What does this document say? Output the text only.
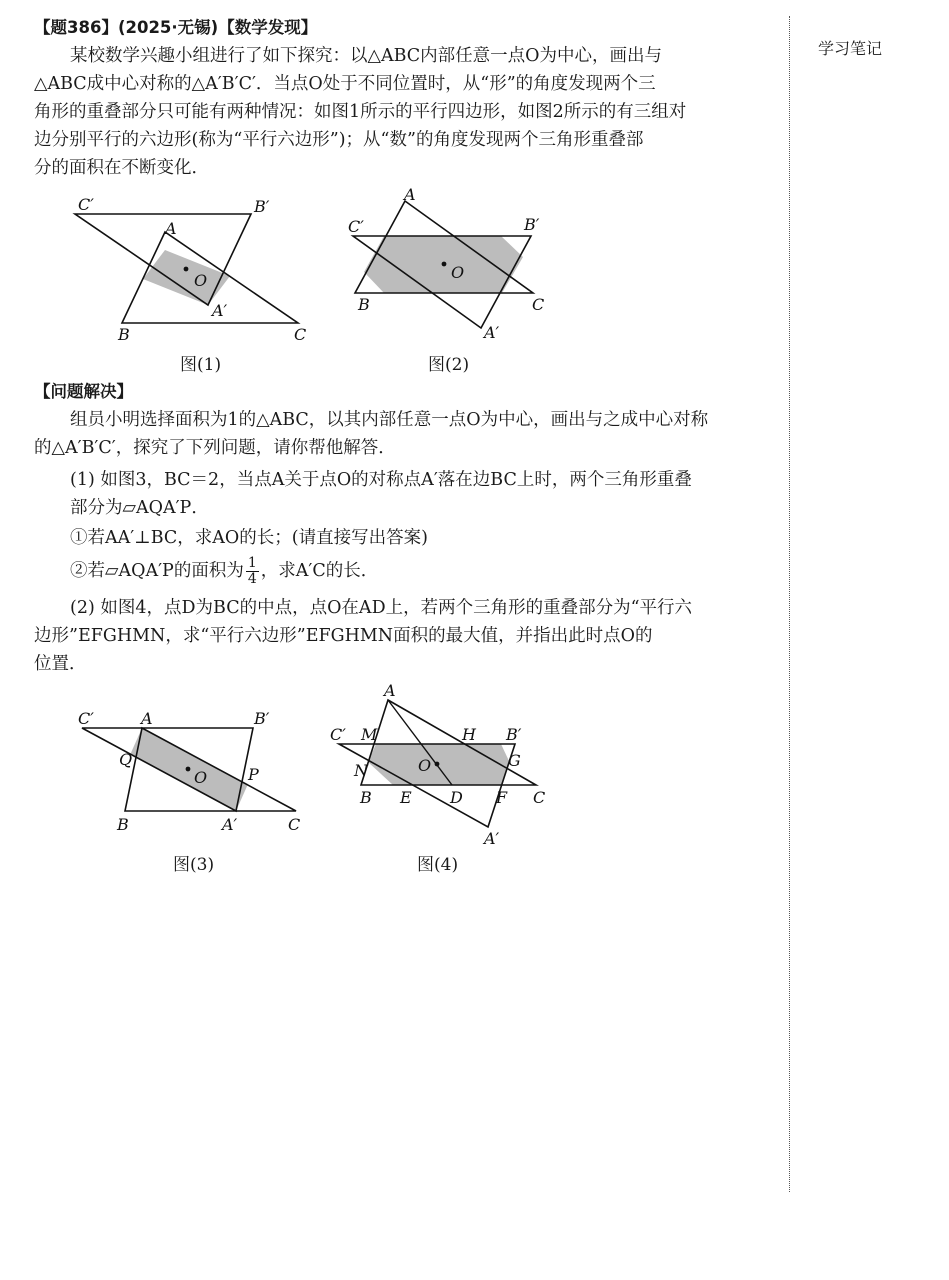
【题386】(2025·无锡)【数学发现】
某校数学兴趣小组进行了如下探究：以△ABC内部任意一点O为中心，画出与
△ABC成中心对称的△A′B′C′．当点O处于不同位置时，从“形”的角度发现两个三
角形的重叠部分只可能有两种情况：如图1所示的平行四边形，如图2所示的有三组对
边分别平行的六边形(称为“平行六边形”)；从“数”的角度发现两个三角形重叠部
分的面积在不断变化．
【问题解决】
组员小明选择面积为1的△ABC，以其内部任意一点O为中心，画出与之成中心对称
的△A′B′C′，探究了下列问题，请你帮他解答．
(1) 如图3，BC＝2，当点A关于点O的对称点A′落在边BC上时，两个三角形重叠
部分为▱AQA′P．
①若AA′⊥BC，求AO的长；(请直接写出答案)
②若▱AQA′P的面积为 $\frac{1}{4}$ ，求A′C的长．
(2) 如图4，点D为BC的中点，点O在AD上，若两个三角形的重叠部分为“平行六
边形”EFGHMN，求“平行六边形”EFGHMN面积的最大值，并指出此时点O的
位置．
C′	B′
A
O
A′
B	C
图(1)
A
C′	B′
O
B	C
A′
图(2)
C′	A	B′
Q
O	P
B	A′	C
图(3)
A
C′ M	H B′
N	O	G
B E D F C
A′
图(4)
学习笔记
